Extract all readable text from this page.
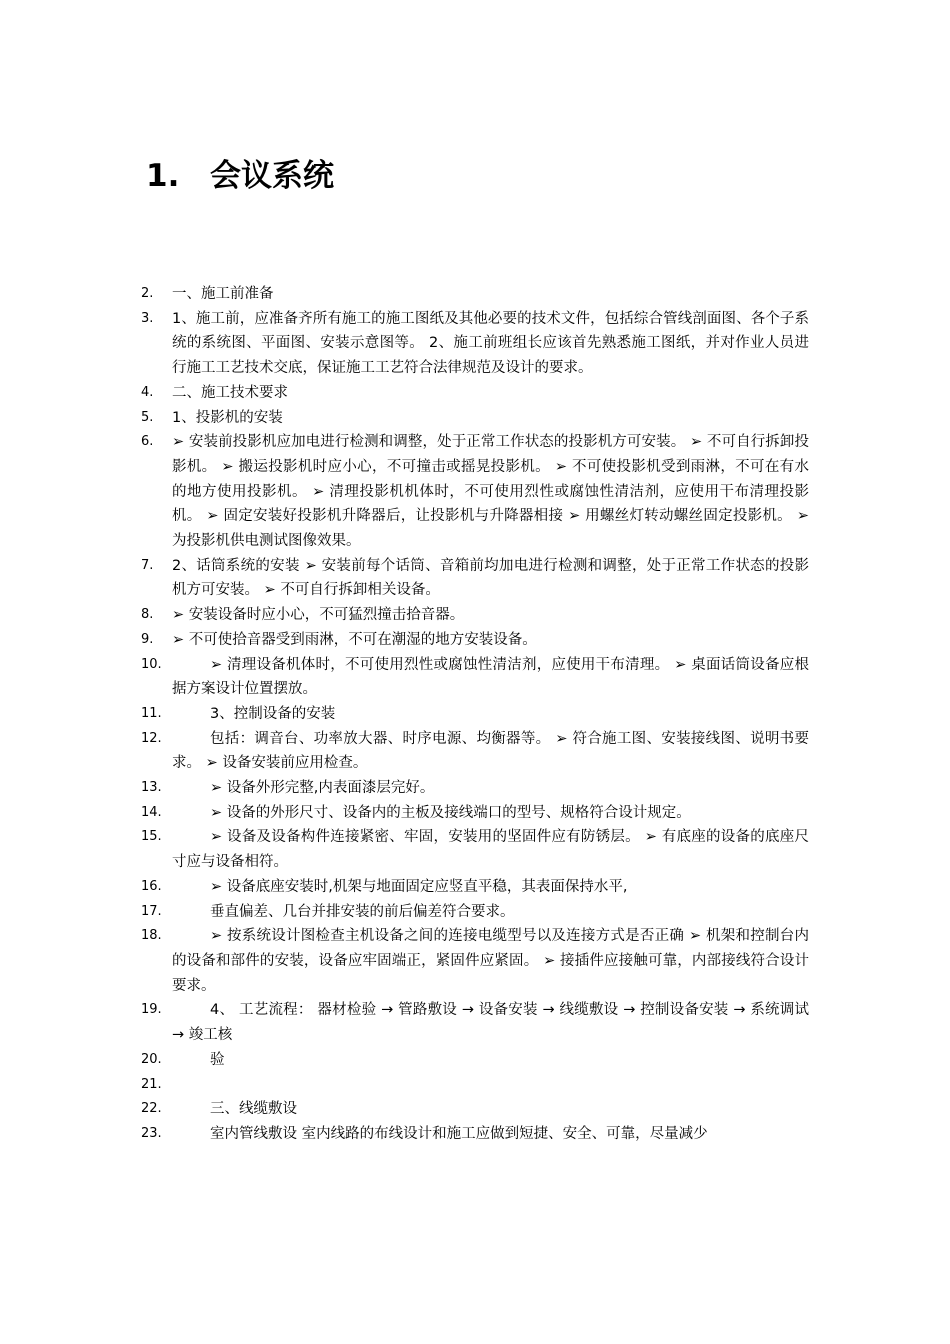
1. 会议系统
2. 一、施工前准备
3. 1、施工前，应准备齐所有施工的施工图纸及其他必要的技术文件，包括综合管线剖面图、各个子系统的系统图、平面图、安装示意图等。 2、施工前班组长应该首先熟悉施工图纸，并对作业人员进行施工工艺技术交底，保证施工工艺符合法律规范及设计的要求。
4. 二、施工技术要求
5. 1、投影机的安装
6. ➢ 安装前投影机应加电进行检测和调整，处于正常工作状态的投影机方可安装。 ➢ 不可自行拆卸投影机。 ➢ 搬运投影机时应小心，不可撞击或摇晃投影机。 ➢ 不可使投影机受到雨淋，不可在有水的地方使用投影机。 ➢ 清理投影机机体时，不可使用烈性或腐蚀性清洁剂，应使用干布清理投影机。 ➢ 固定安装好投影机升降器后，让投影机与升降器相接 ➢ 用螺丝灯转动螺丝固定投影机。 ➢ 为投影机供电测试图像效果。
7. 2、话筒系统的安装 ➢ 安装前每个话筒、音箱前均加电进行检测和调整，处于正常工作状态的投影机方可安装。 ➢ 不可自行拆卸相关设备。
8. ➢ 安装设备时应小心，不可猛烈撞击拾音器。
9. ➢ 不可使拾音器受到雨淋，不可在潮湿的地方安装设备。
10.	➢ 清理设备机体时，不可使用烈性或腐蚀性清洁剂，应使用干布清理。 ➢ 桌面话筒设备应根据方案设计位置摆放。
11.	3、控制设备的安装
12.	包括：调音台、功率放大器、时序电源、均衡器等。 ➢ 符合施工图、安装接线图、说明书要求。 ➢ 设备安装前应用检查。
13.	➢ 设备外形完整,内表面漆层完好。
14.	➢ 设备的外形尺寸、设备内的主板及接线端口的型号、规格符合设计规定。
15.	➢ 设备及设备构件连接紧密、牢固，安装用的坚固件应有防锈层。 ➢ 有底座的设备的底座尺寸应与设备相符。
16.	➢ 设备底座安装时,机架与地面固定应竖直平稳，其表面保持水平,
17.	垂直偏差、几台并排安装的前后偏差符合要求。
18.	➢ 按系统设计图检查主机设备之间的连接电缆型号以及连接方式是否正确 ➢ 机架和控制台内的设备和部件的安装，设备应牢固端正，紧固件应紧固。 ➢ 接插件应接触可靠，内部接线符合设计要求。
19.	4、 工艺流程： 器材检验 → 管路敷设 → 设备安装 → 线缆敷设 → 控制设备安装 → 系统调试 → 竣工核
20.	验
21.

22.	三、线缆敷设
23.	室内管线敷设 室内线路的布线设计和施工应做到短捷、安全、可靠，尽量减少
